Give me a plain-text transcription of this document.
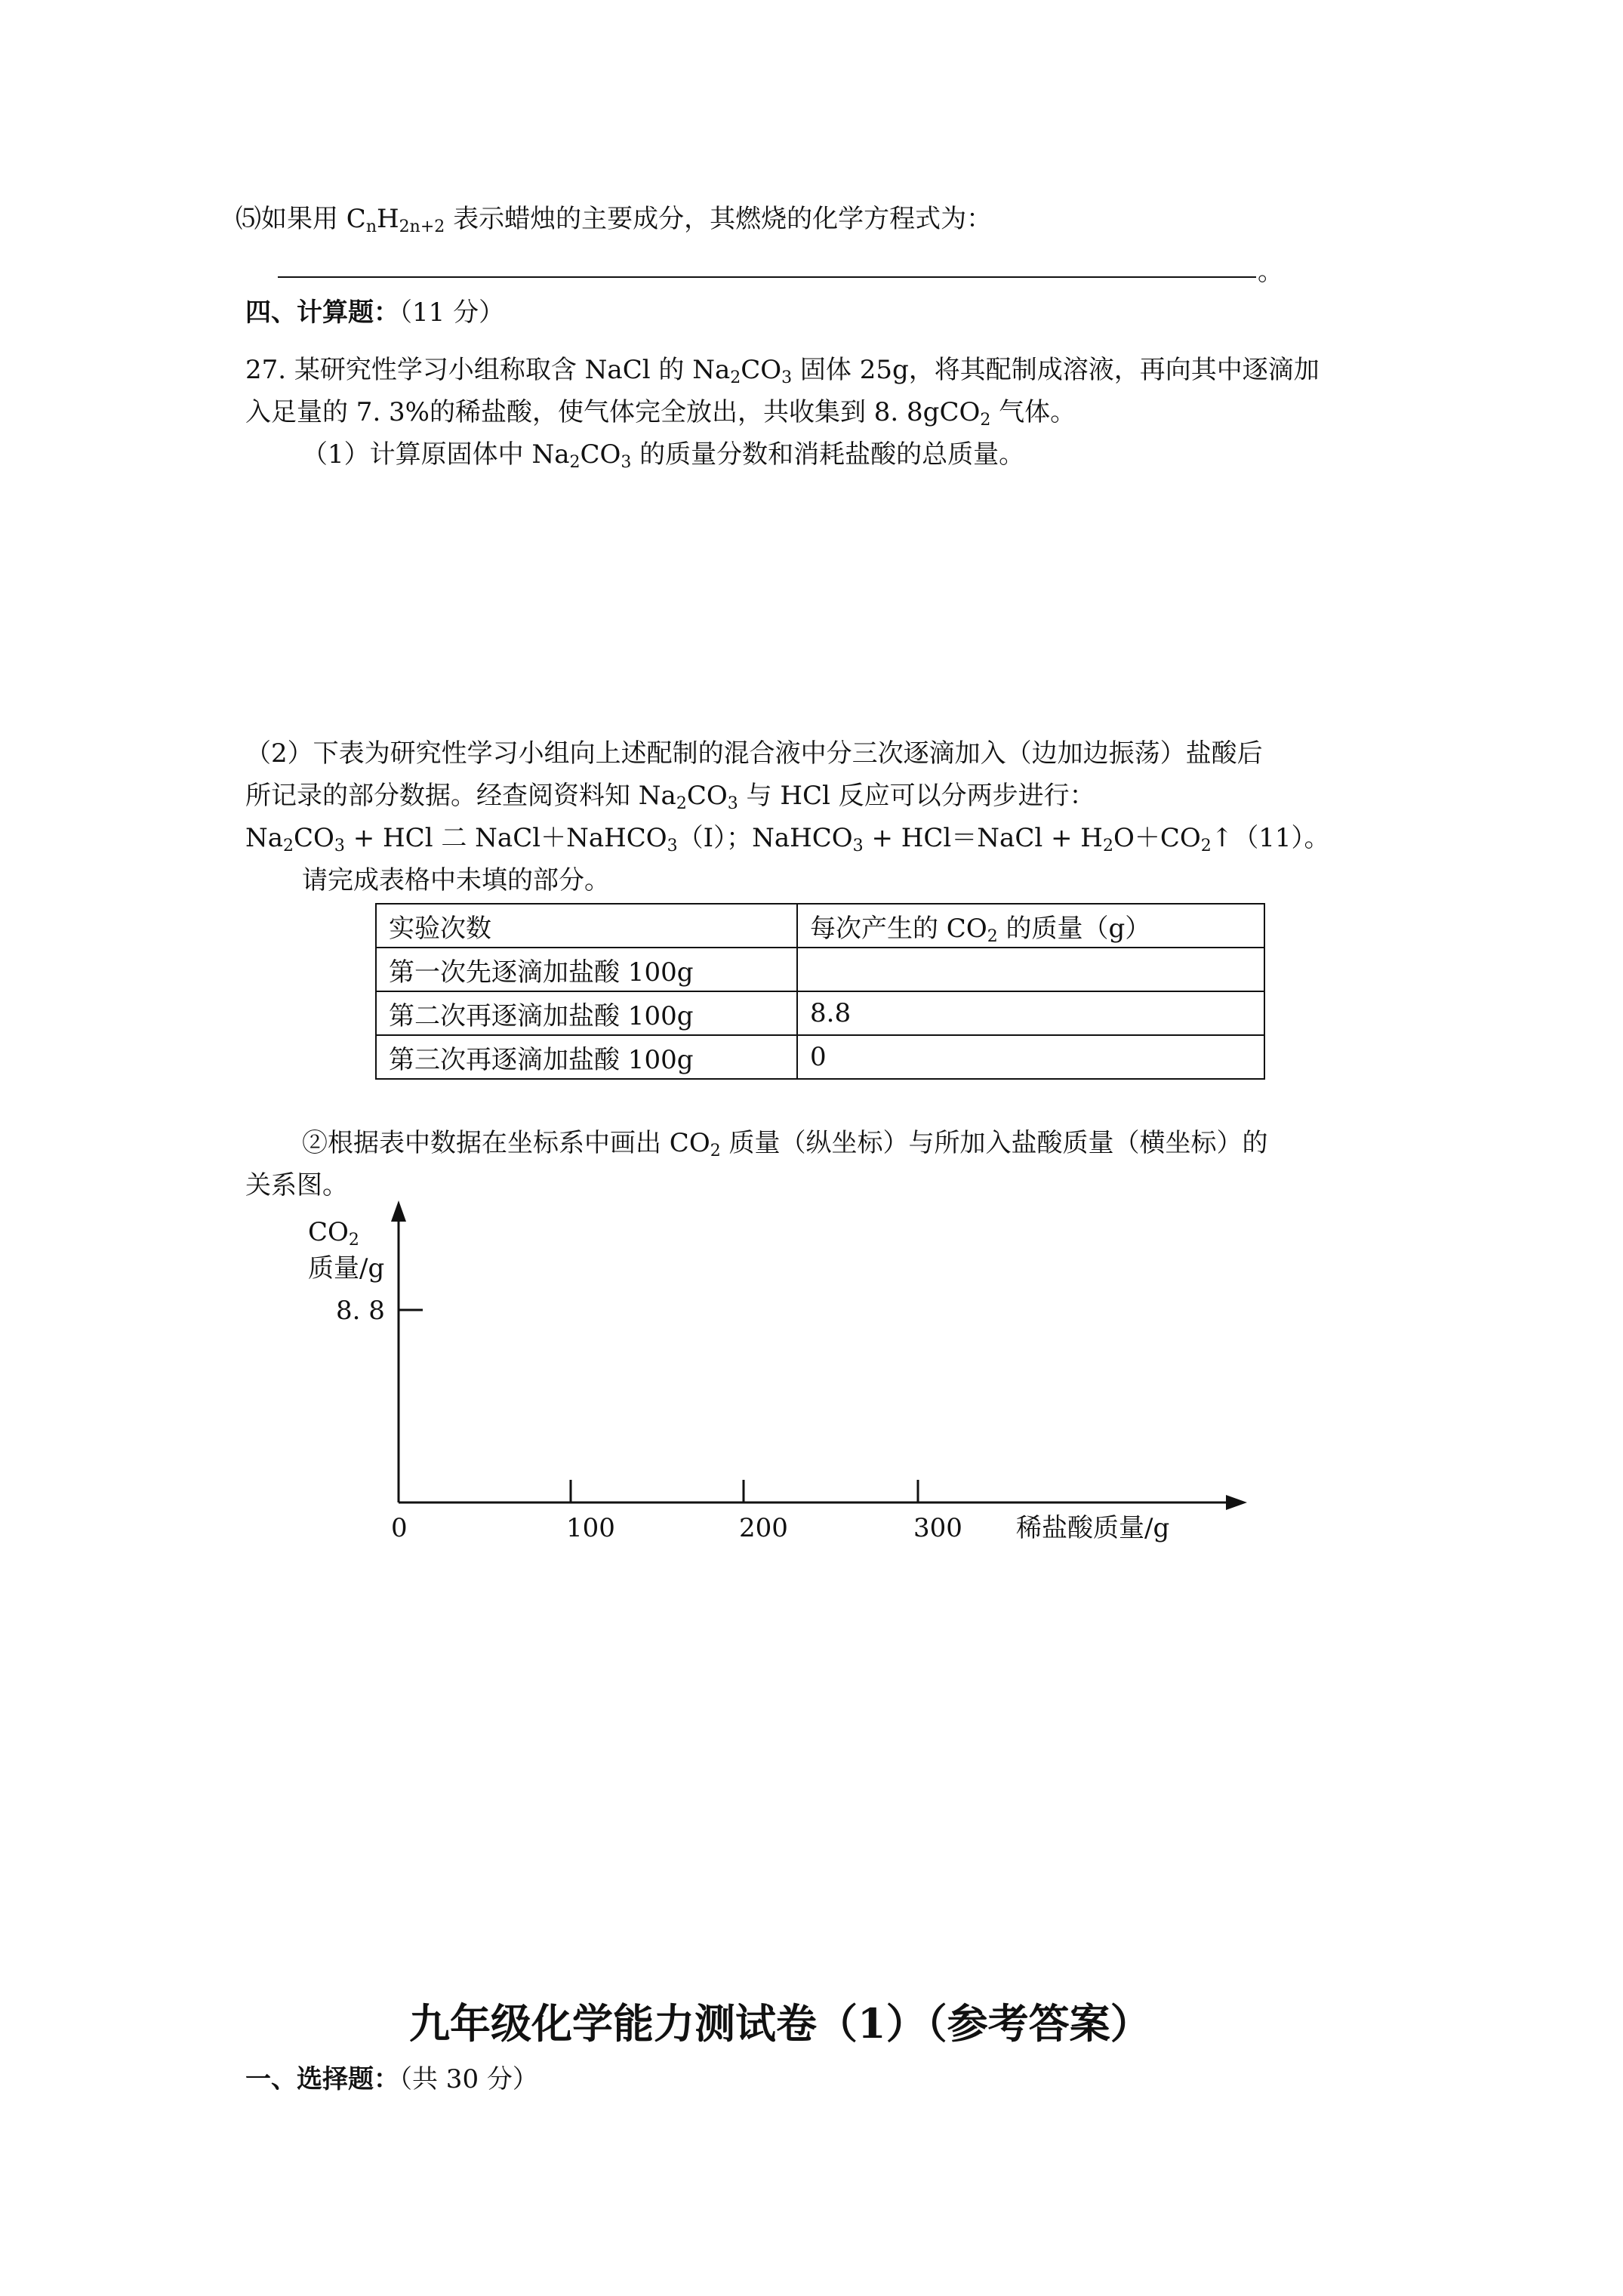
⑸如果用 $C_nH_{2n+2}$ 表示蜡烛的主要成分，其燃烧的化学方程式为：
。
四、计算题：（11 分）
27. 某研究性学习小组称取含 NaCl 的 $Na_2CO_3$ 固体 25g，将其配制成溶液，再向其中逐滴加
入足量的 7. 3%的稀盐酸，使气体完全放出，共收集到 8. 8gCO$_2$ 气体。
（1）计算原固体中 $Na_2CO_3$ 的质量分数和消耗盐酸的总质量。
（2）下表为研究性学习小组向上述配制的混合液中分三次逐滴加入（边加边振荡）盐酸后
所记录的部分数据。经查阅资料知 $Na_2CO_3$ 与 HCl 反应可以分两步进行：
$Na_2CO_3$ + HCl 二 NaCl＋NaHCO$_3$（I）；NaHCO$_3$ + HCl＝NaCl + $H_2O+CO_2↑(11)$。
请完成表格中未填的部分。
实验次数	每次产生的 $CO_2$ 的质量（g）
第一次先逐滴加盐酸 100g	
第二次再逐滴加盐酸 100g	8.8
第三次再逐滴加盐酸 100g	0
②根据表中数据在坐标系中画出 $CO_2$ 质量（纵坐标）与所加入盐酸质量（横坐标）的
关系图。
$CO_2$
质量/g
8. 8
0	100	200	300 稀盐酸质量/g
九年级化学能力测试卷（1）（参考答案）
一、选择题：（共 30 分）
